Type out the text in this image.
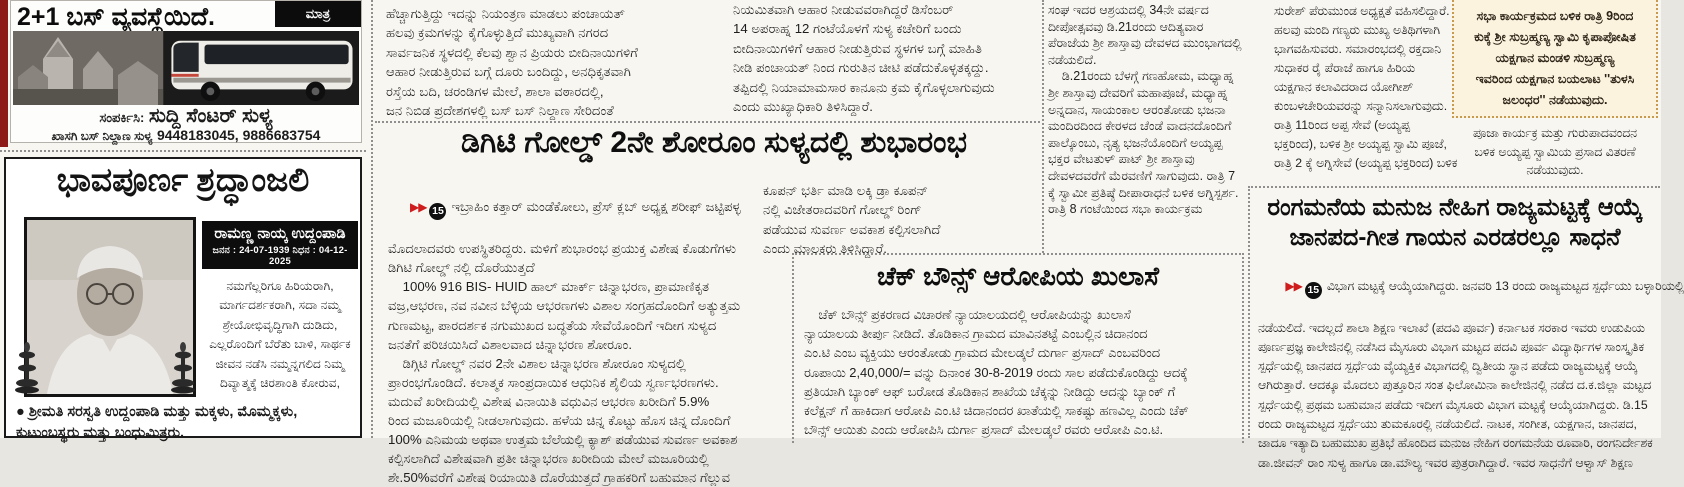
2+1 ಬಸ್ ವ್ಯವಸ್ಥೆಯಿದೆ.	ಮಾತ್ರ
ಸಂಪರ್ಕಿಸಿ: ಸುದ್ದಿ ಸೆಂಟರ್ ಸುಳ್ಯ
ಖಾಸಗಿ ಬಸ್ ನಿಲ್ದಾಣ ಸುಳ್ಯ 9448183045, 9886683754
ಭಾವಪೂರ್ಣ ಶ್ರದ್ಧಾಂಜಲಿ
ರಾಮಣ್ಣ ನಾಯ್ಕ ಉದ್ದಂಪಾಡಿ
ಜನನ : 24-07-1939 ನಿಧನ : 04-12-2025
ನಮಗೆಲ್ಲರಿಗೂ ಹಿರಿಯರಾಗಿ,
ಮಾರ್ಗದರ್ಶಕರಾಗಿ, ಸದಾ ನಮ್ಮ
ಶ್ರೇಯೋಭಿವೃದ್ಧಿಗಾಗಿ ದುಡಿದು,
ಎಲ್ಲರೊಂದಿಗೆ ಬೆರೆತು ಬಾಳಿ, ಸಾರ್ಥಕ
ಜೀವನ ನಡೆಸಿ ನಮ್ಮನ್ನಗಲಿದ ನಿಮ್ಮ
ದಿವ್ಯಾತ್ಮಕ್ಕೆ ಚಿರಶಾಂತಿ ಕೋರುವ,
● ಶ್ರೀಮತಿ ಸರಸ್ವತಿ ಉದ್ದಂಪಾಡಿ ಮತ್ತು ಮಕ್ಕಳು, ಮೊಮ್ಮಕ್ಕಳು,
ಕುಟುಂಬಸ್ಥರು ಮತ್ತು ಬಂಧುಮಿತ್ರರು.
ಹೆಚ್ಚಾಗುತ್ತಿದ್ದು ಇದನ್ನು ನಿಯಂತ್ರಣ ಮಾಡಲು ಪಂಚಾಯತ್
ಹಲವು ಕ್ರಮಗಳನ್ನು ಕೈಗೊಳ್ಳುತ್ತಿದೆ ಮುಖ್ಯವಾಗಿ ನಗರದ
ಸಾರ್ವಜನಿಕ ಸ್ಥಳದಲ್ಲಿ ಕೆಲವು ಶ್ವಾನ ಪ್ರಿಯರು ಬೀದಿನಾಯಿಗಳಿಗೆ
ಆಹಾರ ನೀಡುತ್ತಿರುವ ಬಗ್ಗೆ ದೂರು ಬಂದಿದ್ದು, ಅನಧಿಕೃತವಾಗಿ
ರಸ್ತೆಯ ಬದಿ, ಚರಂಡಿಗಳ ಮೇಲೆ, ಶಾಲಾ ವಠಾರದಲ್ಲಿ,
ಜನ ನಿಬಿಡ ಪ್ರದೇಶಗಳಲ್ಲಿ ಬಸ್ ಬಸ್ ನಿಲ್ದಾಣ ಸೇರಿದಂತೆ
ನಿಯಮಿತವಾಗಿ ಆಹಾರ ನೀಡುವವರಾಗಿದ್ದರೆ ಡಿಸೆಂಬರ್
14 ಅಪರಾಹ್ನ 12 ಗಂಟೆಯೊಳಗೆ ಸುಳ್ಯ ಕಚೇರಿಗೆ ಬಂದು
ಬೀದಿನಾಯಿಗಳಿಗೆ ಆಹಾರ ನೀಡುತ್ತಿರುವ ಸ್ಥಳಗಳ ಬಗ್ಗೆ ಮಾಹಿತಿ
ನೀಡಿ ಪಂಚಾಯತ್ ನಿಂದ ಗುರುತಿನ ಚೀಟಿ ಪಡೆದುಕೊಳ್ಳತಕ್ಕದ್ದು.
ತಪ್ಪಿದಲ್ಲಿ ನಿಯಾಮಾಮಸಾರ ಕಾನೂನು ಕ್ರಮ ಕೈಗೊಳ್ಳಲಾಗುವುದು
ಎಂದು ಮುಖ್ಯಾಧಿಕಾರಿ ತಿಳಿಸಿದ್ದಾರೆ.
ಡಿಗಿಟಿ ಗೋಲ್ಡ್ 2ನೇ ಶೋರೂಂ ಸುಳ್ಯದಲ್ಲಿ ಶುಭಾರಂಭ

▶▶ 15 ಇಬ್ರಾಹಿಂ ಕತ್ತಾರ್ ಮಂಡೆಕೋಲು, ಪ್ರೆಸ್ ಕ್ಲಬ್ ಅಧ್ಯಕ್ಷ ಶರೀಫ್ ಜಟ್ಟಿಪಳ್ಳ

ಮೊದಲಾದವರು ಉಪಸ್ಥಿತರಿದ್ದರು. ಮಳಿಗೆ ಶುಭಾರಂಭ ಪ್ರಯುಕ್ತ ವಿಶೇಷ ಕೊಡುಗೆಗಳು
ಡಿಗಿಟಿ ಗೋಲ್ಡ್ ನಲ್ಲಿ ದೊರೆಯುತ್ತದೆ
100% 916 BIS- HUID ಹಾಲ್ ಮಾರ್ಕ್ ಚಿನ್ನಾಭರಣ, ಪ್ರಾಮಾಣಿಕೃತ
ವಜ್ರ,ಆಭರಣ, ನವ ನವೀನ ಬೆಳ್ಳಿಯ ಆಭರಣಗಳು ವಿಶಾಲ ಸಂಗ್ರಹದೊಂದಿಗೆ ಅತ್ಯುತ್ತಮ
ಗುಣಮಟ್ಟ, ಪಾರದರ್ಶಕ ನಗುಮುಖದ ಬದ್ಧತೆಯ ಸೇವೆಯೊಂದಿಗೆ ಇದೀಗ ಸುಳ್ಯದ
ಜನತೆಗೆ ಪರಿಚಯಿಸಿದೆ ವಿಶಾಲವಾದ ಚಿನ್ನಾಭರಣ ಶೋರೂಂ.
ಡಿಗ್ಗಿಟಿ ಗೋಲ್ಡ್ ನವರ 2ನೇ ವಿಶಾಲ ಚಿನ್ನಾಭರಣ ಶೋರೂಂ ಸುಳ್ಯದಲ್ಲಿ
ಪ್ರಾರಂಭಗೊಂಡಿದೆ. ಕಲಾತ್ಮಕ ಸಾಂಪ್ರದಾಯಿಕ ಆಧುನಿಕ ಶೈಲಿಯ ಸ್ವರ್ಣಭರಣಗಳು.
ಮದುವೆ ಖರೀದಿಯಲ್ಲಿ ವಿಶೇಷ ವಿನಾಯಿತಿ ವಧುವಿನ ಆಭರಣ ಖರೀದಿಗೆ 5.9%
ರಿಂದ ಮಜೂರಿಯಲ್ಲಿ ನೀಡಲಾಗುವುದು. ಹಳೆಯ ಚಿನ್ನ ಕೊಟ್ಟು ಹೊಸ ಚಿನ್ನ ದೊಂದಿಗೆ
100% ಎನಿಮಯ ಅಥವಾ ಉತ್ತಮ ಬೆಲೆಯಲ್ಲಿ ಕ್ಯಾಶ್ ಪಡೆಯುವ ಸುವರ್ಣ ಅವಕಾಶ
ಕಲ್ಪಿಸಲಾಗಿದೆ ವಿಶೇಷವಾಗಿ ಪ್ರತೀ ಚಿನ್ನಾಭರಣ ಖರೀದಿಯ ಮೇಲೆ ಮಜೂರಿಯಲ್ಲಿ
ಶೇ.50%ವರೆಗೆ ವಿಶೇಷ ರಿಯಾಯಿತಿ ದೊರೆಯುತ್ತದೆ ಗ್ರಾಹಕರಿಗೆ ಬಹುಮಾನ ಗೆಲ್ಲುವ
ಕೂಪನ್ ಭರ್ತಿ ಮಾಡಿ ಲಕ್ಕಿ ಡ್ರಾ ಕೂಪನ್
ನಲ್ಲಿ ವಿಜೇತರಾದವರಿಗೆ ಗೋಲ್ಡ್ ರಿಂಗ್
ಪಡೆಯುವ ಸುವರ್ಣ ಅವಕಾಶ ಕಲ್ಪಿಸಲಾಗಿದೆ
ಎಂದು ಮಾಲಕರು ತಿಳಿಸಿದ್ದಾರೆ.
ಚೆಕ್ ಬೌನ್ಸ್ ಆರೋಪಿಯ ಖುಲಾಸೆ
ಚೆಕ್ ಬೌನ್ಸ್ ಪ್ರಕರಣದ ವಿಚಾರಣೆ ನ್ಯಾಯಾಲಯದಲ್ಲಿ ಆರೋಪಿಯನ್ನು ಖುಲಾಸೆ
ನ್ಯಾಯಾಲಯ ತೀರ್ಪು ನೀಡಿದೆ. ತೊಡಿಕಾನ ಗ್ರಾಮದ ಮಾವಿನತಟ್ಟೆ ಎಂಬಲ್ಲಿನ ಚಿದಾನಂದ
ಎಂ.ಟಿ ಎಂಬ ವ್ಯಕ್ತಿಯು ಆರಂತೋಡು ಗ್ರಾಮದ ಮೇಲಡ್ಕಲೆ ದುರ್ಗಾ ಪ್ರಸಾದ್ ಎಂಬವರಿಂದ
ರೂಪಾಯಿ 2,40,000/= ವನ್ನು ದಿನಾಂಕ 30-8-2019 ರಂದು ಸಾಲ ಪಡೆದುಕೊಂಡಿದ್ದು ಆದಕ್ಕೆ
ಪ್ರತಿಯಾಗಿ ಬ್ಯಾಂಕ್ ಆಫ್ ಬರೋಡ ತೊಡಿಕಾನ ಶಾಖೆಯ ಚೆಕ್ಕನ್ನು ನೀಡಿದ್ದು ಆದನ್ನು ಬ್ಯಾಂಕ್ ಗೆ
ಕಲೆಕ್ಷನ್ ಗೆ ಹಾಕಿದಾಗ ಆರೋಪಿ ಎಂ.ಟಿ ಚಿದಾನಂದರ ಖಾತೆಯಲ್ಲಿ ಸಾಕಷ್ಟು ಹಣವಿಲ್ಲ ಎಂದು ಚೆಕ್
ಬೌನ್ಸ್ ಆಯಿತು ಎಂದು ಆರೋಪಿಸಿ ದುರ್ಗಾ ಪ್ರಸಾದ್ ಮೇಲಡ್ಕಲೆ ರವರು ಆರೋಪಿ ಎಂ.ಟಿ.
ಸಂಘ ಇದರ ಆಶ್ರಯದಲ್ಲಿ 34ನೇ ವರ್ಷದ
ದೀಪೋತ್ಸವವು ಡಿ.21ರಂದು ಆದಿತ್ಯವಾರ
ಪೆರಾಜೆಯ ಶ್ರೀ ಶಾಸ್ತಾವು ದೇವಳದ ಮುಂಭಾಗದಲ್ಲಿ
ನಡೆಯಲಿದೆ.
ಡಿ.21ರಂದು ಬೆಳಗ್ಗೆ ಗಣಹೋಮ, ಮಧ್ಯಾಹ್ನ
ಶ್ರೀ ಶಾಸ್ತಾವು ದೇವರಿಗೆ ಮಹಾಪೂಜೆ, ಮಧ್ಯಾಹ್ನ
ಅನ್ನದಾನ, ಸಾಯಂಕಾಲ ಆರಂತೋಡು ಭಜನಾ
ಮಂದಿರದಿಂದ ಕೇರಳದ ಚೆಂಡೆ ವಾದನದೊಂದಿಗೆ
ಪಾಲ್ಕೊಂಬು, ನೃತ್ಯ ಭಜನೆಯೊಂದಿಗೆ ಅಯ್ಯಪ್ಪ
ಭಕ್ತರ ವೇಟತುಳ್ ಪಾಟ್ ಶ್ರೀ ಶಾಸ್ತಾವು
ದೇವಳದವರೆಗೆ ಮೆರವಣಿಗೆ ಸಾಗುವುದು. ರಾತ್ರಿ 7
ಕ್ಕೆ ಸ್ವಾಮೀ ಪ್ರತಿಷ್ಠೆ ದೀಪಾರಾಧನೆ ಬಳಿಕ ಅಗ್ನಿಸ್ಪರ್ಶ.
ರಾತ್ರಿ 8 ಗಂಟೆಯಿಂದ ಸಭಾ ಕಾರ್ಯಕ್ರಮ
ಸುರೇಶ್ ಪೆರುಮುಂಡ ಅಧ್ಯಕ್ಷತೆ ವಹಿಸಲಿದ್ದಾರೆ.
ಹಲವು ಮಂದಿ ಗಣ್ಯರು ಮುಖ್ಯ ಅತಿಥಿಗಳಾಗಿ
ಭಾಗವಹಿಸುವರು. ಸಮಾರಂಭದಲ್ಲಿ ರಕ್ತದಾನಿ
ಸುಧಾಕರ ರೈ ಪೆರಾಜೆ ಹಾಗೂ ಹಿರಿಯ
ಯಕ್ಷಗಾನ ಕಲಾವಿದರಾದ ಯೋಗೀಶ್
ಕುಂಬಳಚೇರಿಯವರನ್ನು ಸನ್ಮಾನಿಸಲಾಗುವುದು.
ರಾತ್ರಿ 11ರಿಂದ ಅಪ್ಪ ಸೇವೆ (ಅಯ್ಯಪ್ಪ
ಭಕ್ತರಿಂದ), ಬಳಿಕ ಶ್ರೀ ಅಯ್ಯಪ್ಪ ಸ್ವಾಮಿ ಪೂಜೆ,
ರಾತ್ರಿ 2 ಕ್ಕೆ ಅಗ್ನಿಸೇವೆ (ಅಯ್ಯಪ್ಪ ಭಕ್ತರಿಂದ) ಬಳಿಕ
ಸಭಾ ಕಾರ್ಯಕ್ರಮದ ಬಳಿಕ ರಾತ್ರಿ 9ರಿಂದ
ಕುಕ್ಕೆ ಶ್ರೀ ಸುಬ್ರಹ್ಮಣ್ಯ ಸ್ವಾಮಿ ಕೃಪಾಪೋಷಿತ
ಯಕ್ಷಗಾನ ಮಂಡಳಿ ಸುಬ್ರಹ್ಮಣ್ಯ
ಇವರಿಂದ ಯಕ್ಷಗಾನ ಬಯಲಾಟ ''ತುಳಸಿ
ಜಲಂಧರ'' ನಡೆಯುವುದು.
ಪೂಜಾ ಕಾರ್ಯಕ್ರ ಮತ್ತು ಗುರುಪಾದವಂದನ
ಬಳಿಕ ಅಯ್ಯಪ್ಪ ಸ್ವಾಮಿಯ ಪ್ರಸಾದ ವಿತರಣೆ
ನಡೆಯುವುದು.
ರಂಗಮನೆಯ ಮನುಜ ನೇಹಿಗ ರಾಜ್ಯಮಟ್ಟಕ್ಕೆ ಆಯ್ಕೆ
ಜಾನಪದ-ಗೀತ ಗಾಯನ ಎರಡರಲ್ಲೂ ಸಾಧನೆ

▶▶ 15 ವಿಭಾಗ ಮಟ್ಟಕ್ಕೆ ಆಯ್ಕೆಯಾಗಿದ್ದರು. ಜನವರಿ 13 ರಂದು ರಾಜ್ಯಮಟ್ಟದ ಸ್ಪರ್ಧೆಯು ಬಳ್ಳಾರಿಯಲ್ಲಿ

ನಡೆಯಲಿದೆ. ಇದಲ್ಲದೆ ಶಾಲಾ ಶಿಕ್ಷಣ ಇಲಾಖೆ (ಪದವಿ ಪೂರ್ವ) ಕರ್ನಾಟಕ ಸರಕಾರ ಇವರು ಉಡುಪಿಯ
ಪೂರ್ಣಪ್ರಜ್ಞ ಕಾಲೇಜಿನಲ್ಲಿ ನಡೆಸಿದ ಮೈಸೂರು ವಿಭಾಗ ಮಟ್ಟದ ಪದವಿ ಪೂರ್ವ ವಿದ್ಯಾರ್ಥಿಗಳ ಸಾಂಸ್ಕೃತಿಕ
ಸ್ಪರ್ಧೆಯಲ್ಲಿ ಜಾನಪದ ಸ್ಪರ್ಧೆಯ ವೈಯ್ಯಕ್ತಿಕ ವಿಭಾಗದಲ್ಲಿ ದ್ವಿತೀಯ ಸ್ಥಾನ ಪಡೆದು ರಾಜ್ಯಮಟ್ಟಕ್ಕೆ ಆಯ್ಕೆ
ಆಗಿರುತ್ತಾರೆ. ಆದಕ್ಕೂ ಮೊದಲು ಪುತ್ತೂರಿನ ಸಂತ ಫಿಲೋಮಿನಾ ಕಾಲೇಜಿನಲ್ಲಿ ನಡೆದ ದ.ಕ.ಜಿಲ್ಲಾ ಮಟ್ಟದ
ಸ್ಪರ್ಧೆಯಲ್ಲಿ ಪ್ರಥಮ ಬಹುಮಾನ ಪಡೆದು ಇದೀಗ ಮೈಸೂರು ವಿಭಾಗ ಮಟ್ಟಕ್ಕೆ ಆಯ್ಕೆಯಾಗಿದ್ದರು. ಡಿ.15
ರಂದು ರಾಜ್ಯಮಟ್ಟದ ಸ್ಪರ್ಧೆಯು ತುಮಕೂರಲ್ಲಿ ನಡೆಯಲಿದೆ. ನಾಟಕ, ಸಂಗೀತ, ಯಕ್ಷಗಾನ, ಜಾನಪದ,
ಜಾದೂ ಇತ್ಯಾದಿ ಬಹುಮುಖ ಪ್ರತಿಭೆ ಹೊಂದಿದ ಮನುಜ ನೇಹಿಗ ರಂಗಮನೆಯ ರೂವಾರಿ, ರಂಗನಿರ್ದೇಶಕ
ಡಾ.ಜೀವನ್ ರಾಂ ಸುಳ್ಯ ಹಾಗೂ ಡಾ.ಮೌಲ್ಯ ಇವರ ಪುತ್ರರಾಗಿದ್ದಾರೆ. ಇವರ ಸಾಧನೆಗೆ ಆಳ್ವಾಸ್ ಶಿಕ್ಷಣ
